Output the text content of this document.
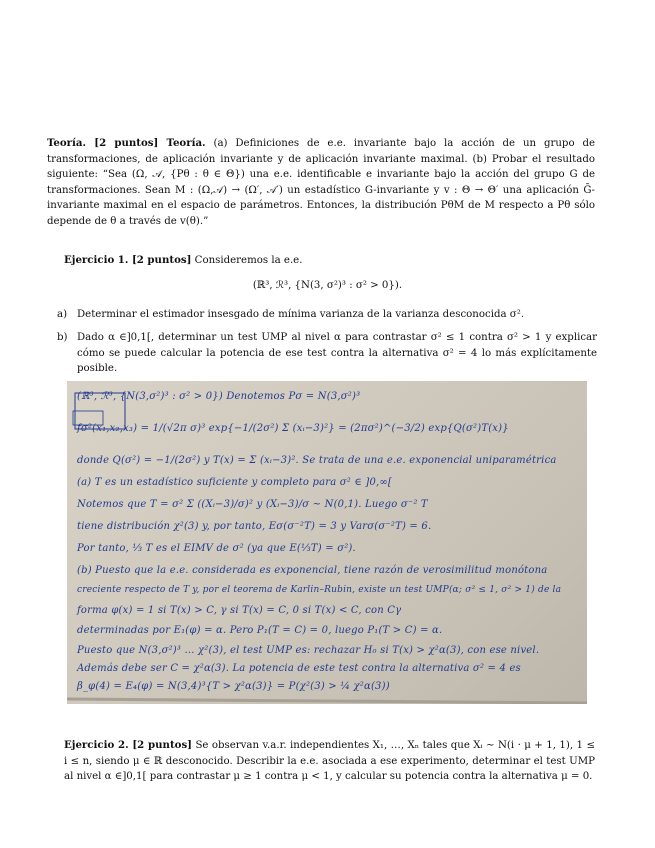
Teoría. [2 puntos] Teoría. (a) Definiciones de e.e. invariante bajo la acción de un grupo de transformaciones, de aplicación invariante y de aplicación invariante maximal. (b) Probar el resultado siguiente: “Sea (Ω, 𝒜, {Pθ : θ ∈ Θ}) una e.e. identificable e invariante bajo la acción del grupo G de transformaciones. Sean M : (Ω,𝒜) → (Ω′, 𝒜′) un estadístico G-invariante y v : Θ → Θ′ una aplicación Ḡ-invariante maximal en el espacio de parámetros. Entonces, la distribución PθM de M respecto a Pθ sólo depende de θ a través de v(θ).”
Ejercicio 1. [2 puntos] Consideremos la e.e.
(ℝ³, ℛ³, {N(3, σ²)³ : σ² > 0}).
a) Determinar el estimador insesgado de mínima varianza de la varianza desconocida σ².
b) Dado α ∈]0,1[, determinar un test UMP al nivel α para contrastar σ² ≤ 1 contra σ² > 1 y explicar cómo se puede calcular la potencia de ese test contra la alternativa σ² = 4 lo más explícitamente posible.
(ℝ³, ℛ³, {N(3,σ²)³ : σ² > 0}) Denotemos Pσ = N(3,σ²)³
fσ²(x₁,x₂,x₃) = 1/(√2π σ)³ exp{−1/(2σ²) Σ (xᵢ−3)²} = (2πσ²)^(−3/2) exp{Q(σ²)T(x)}
donde Q(σ²) = −1/(2σ²) y T(x) = Σ (xᵢ−3)². Se trata de una e.e. exponencial uniparamétrica
(a) T es un estadístico suficiente y completo para σ² ∈ ]0,∞[
Notemos que T = σ² Σ ((Xᵢ−3)/σ)² y (Xᵢ−3)/σ ~ N(0,1). Luego σ⁻² T
tiene distribución χ²(3) y, por tanto, Eσ(σ⁻²T) = 3 y Varσ(σ⁻²T) = 6.
Por tanto, ⅓ T es el EIMV de σ² (ya que E(⅓T) = σ²).
(b) Puesto que la e.e. considerada es exponencial, tiene razón de verosimilitud monótona
creciente respecto de T y, por el teorema de Karlin–Rubin, existe un test UMP(α; σ² ≤ 1, σ² > 1) de la
forma φ(x) = 1 si T(x) > C, γ si T(x) = C, 0 si T(x) < C, con Cγ
determinadas por E₁(φ) = α. Pero P₁(T = C) = 0, luego P₁(T > C) = α.
Puesto que N(3,σ²)³ ... χ²(3), el test UMP es: rechazar H₀ si T(x) > χ²α(3), con ese nivel.
Además debe ser C = χ²α(3). La potencia de este test contra la alternativa σ² = 4 es
β_φ(4) = E₄(φ) = N(3,4)³{T > χ²α(3)} = P(χ²(3) > ¼ χ²α(3))
Ejercicio 2. [2 puntos] Se observan v.a.r. independientes X₁, …, Xₙ tales que Xᵢ ∼ N(i · μ + 1, 1), 1 ≤ i ≤ n, siendo μ ∈ ℝ desconocido. Describir la e.e. asociada a ese experimento, determinar el test UMP al nivel α ∈]0,1[ para contrastar μ ≥ 1 contra μ < 1, y calcular su potencia contra la alternativa μ = 0.
